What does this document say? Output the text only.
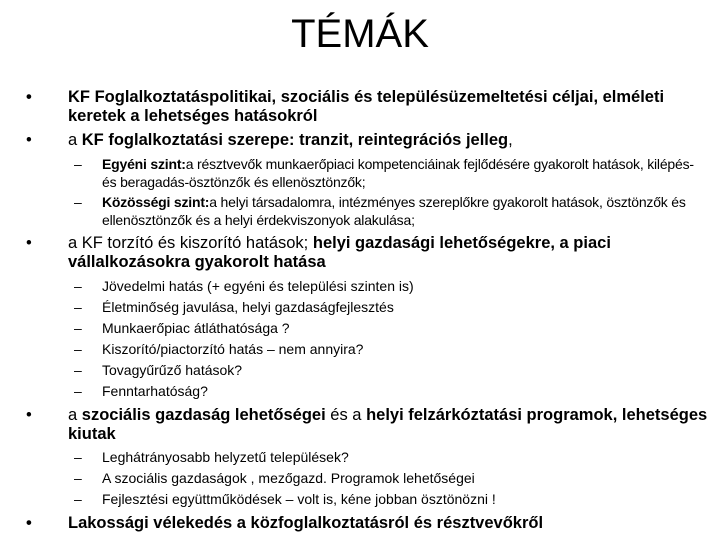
TÉMÁK
• KF Foglalkoztatáspolitikai, szociális és településüzemeltetési céljai, elméleti keretek a lehetséges hatásokról
• a KF foglalkoztatási szerepe: tranzit, reintegrációs jelleg,
– Egyéni szint:a résztvevők munkaerőpiaci kompetenciáinak fejlődésére gyakorolt hatások, kilépés- és beragadás-ösztönzők és ellenösztönzők;
– Közösségi szint:a helyi társadalomra, intézményes szereplőkre gyakorolt hatások, ösztönzők és ellenösztönzők és a helyi érdekviszonyok alakulása;
• a KF torzító és kiszorító hatások; helyi gazdasági lehetőségekre, a piaci vállalkozásokra gyakorolt hatása
– Jövedelmi hatás (+ egyéni és települési szinten is)
– Életminőség javulása, helyi gazdaságfejlesztés
– Munkaerőpiac átláthatósága ?
– Kiszorító/piactorzító hatás – nem annyira?
– Tovagyűrűző hatások?
– Fenntarhatóság?
• a szociális gazdaság lehetőségei és a helyi felzárkóztatási programok, lehetséges kiutak
– Leghátrányosabb helyzetű települések?
– A szociális gazdaságok , mezőgazd. Programok lehetőségei
– Fejlesztési együttműködések – volt is, kéne jobban ösztönözni !
• Lakossági vélekedés a közfoglalkoztatásról és résztvevőkről
